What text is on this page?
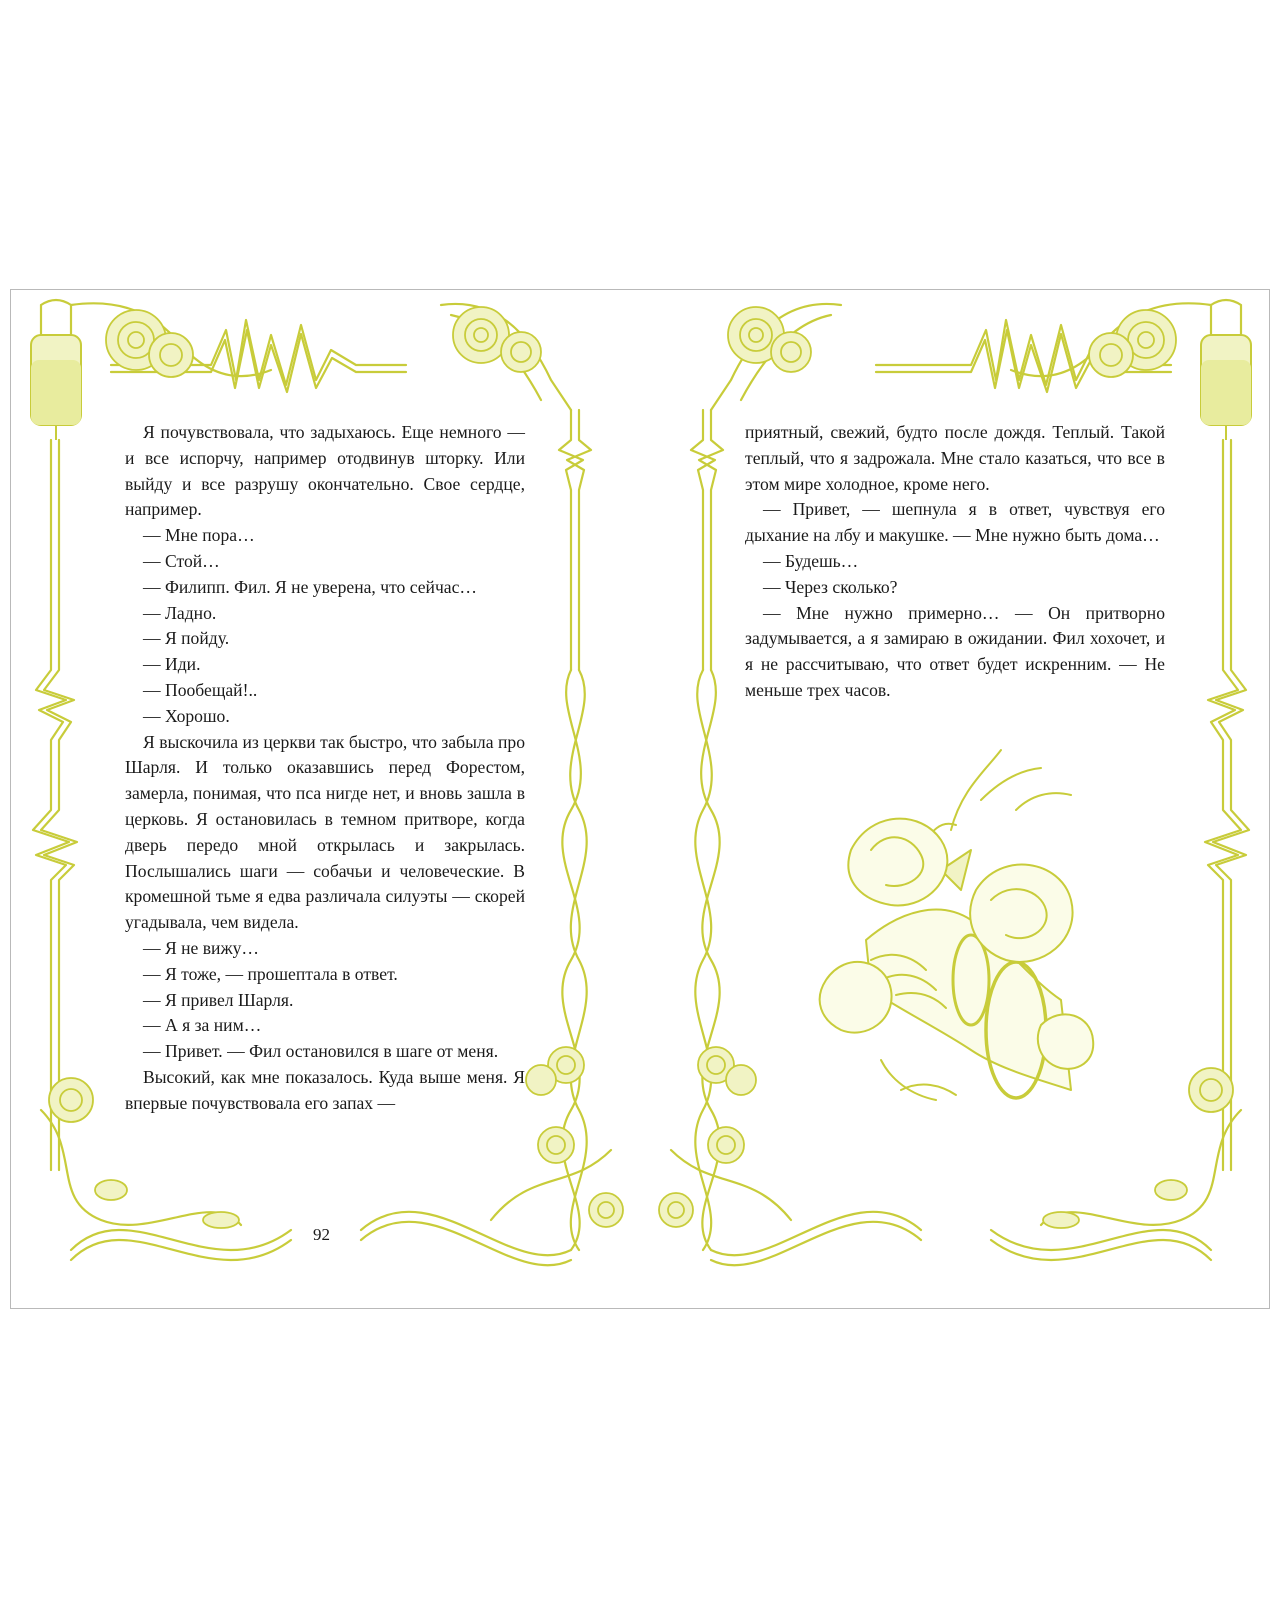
Я почувствовала, что задыхаюсь. Еще немного — и все испорчу, например отодвинув шторку. Или выйду и все разрушу окончательно. Свое сердце, например.

— Мне пора…

— Стой…

— Филипп. Фил. Я не уверена, что сейчас…

— Ладно.

— Я пойду.

— Иди.

— Пообещай!..

— Хорошо.

Я выскочила из церкви так быстро, что забыла про Шарля. И только оказавшись перед Форестом, замерла, понимая, что пса нигде нет, и вновь зашла в церковь. Я остановилась в темном притворе, когда дверь передо мной открылась и закрылась. Послышались шаги — собачьи и человеческие. В кромешной тьме я едва различала силуэты — скорей угадывала, чем видела.

— Я не вижу…

— Я тоже, — прошептала в ответ.

— Я привел Шарля.

— А я за ним…

— Привет. — Фил остановился в шаге от меня.

Высокий, как мне показалось. Куда выше меня. Я впервые почувствовала его запах —

92

приятный, свежий, будто после дождя. Теплый. Такой теплый, что я задрожала. Мне стало казаться, что все в этом мире холодное, кроме него.

— Привет, — шепнула я в ответ, чувствуя его дыхание на лбу и макушке. — Мне нужно быть дома…

— Будешь…

— Через сколько?

— Мне нужно примерно… — Он притворно задумывается, а я замираю в ожидании. Фил хохочет, и я не рассчитываю, что ответ будет искренним. — Не меньше трех часов.
